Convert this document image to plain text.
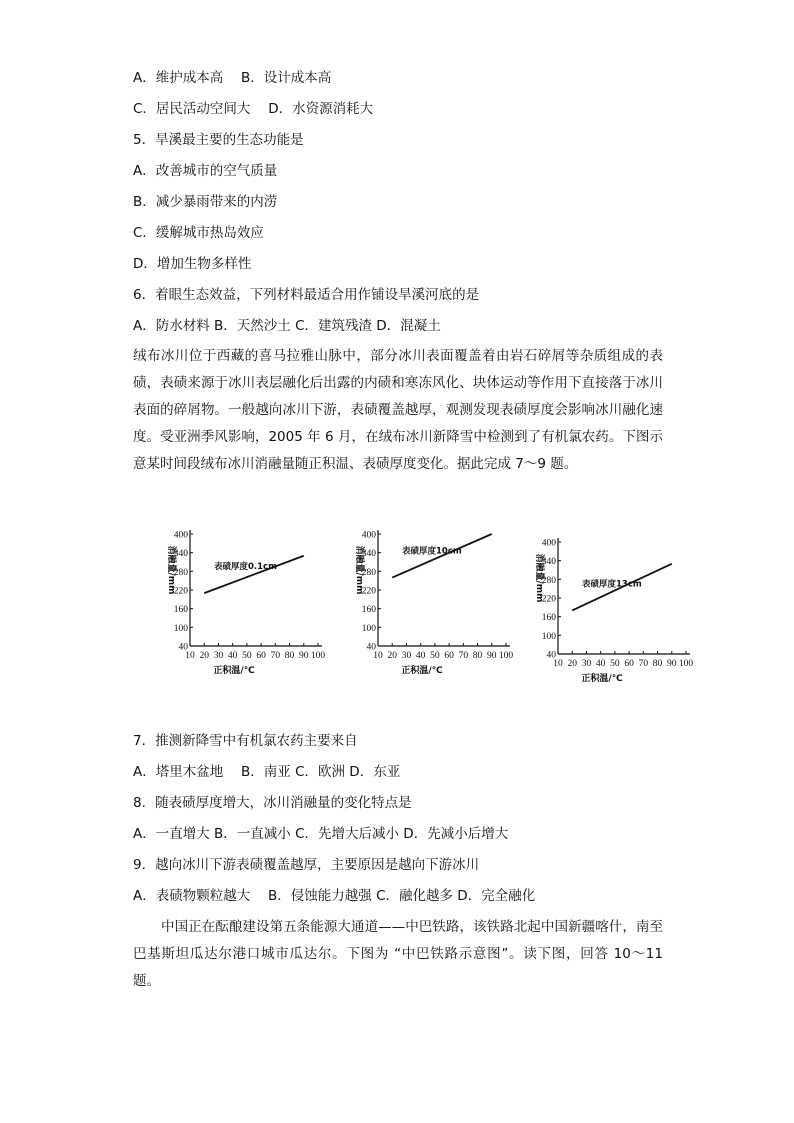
A．维护成本高　 B．设计成本高
C．居民活动空间大　 D．水资源消耗大
5．旱溪最主要的生态功能是
A．改善城市的空气质量
B．减少暴雨带来的内涝
C．缓解城市热岛效应
D．增加生物多样性
6．着眼生态效益，下列材料最适合用作铺设旱溪河底的是
A．防水材料 B．天然沙土 C．建筑残渣 D．混凝土
绒布冰川位于西藏的喜马拉雅山脉中，部分冰川表面覆盖着由岩石碎屑等杂质组成的表碛，表碛来源于冰川表层融化后出露的内碛和寒冻风化、块体运动等作用下直接落于冰川表面的碎屑物。一般越向冰川下游，表碛覆盖越厚，观测发现表碛厚度会影响冰川融化速度。受亚洲季风影响，2005 年 6 月，在绒布冰川新降雪中检测到了有机氯农药。下图示意某时间段绒布冰川消融量随正积温、表碛厚度变化。据此完成 7～9 题。
40
100
160
220
280
340
400
10 20 30 40 50 60 70 80 90 100
表碛厚度0.1cm
正积温/℃
消融量/mm
40
100
160
220
280
340
400
10 20 30 40 50 60 70 80 90 100
表碛厚度10cm
正积温/℃
消融量/mm
40
100
160
220
280
340
400
10 20 30 40 50 60 70 80 90 100
表碛厚度13cm
正积温/℃
消融量/mm
7．推测新降雪中有机氯农药主要来自
A．塔里木盆地　 B．南亚 C．欧洲 D．东亚
8．随表碛厚度增大，冰川消融量的变化特点是
A．一直增大 B．一直减小 C．先增大后减小 D．先减小后增大
9．越向冰川下游表碛覆盖越厚，主要原因是越向下游冰川
A．表碛物颗粒越大　 B．侵蚀能力越强 C．融化越多 D．完全融化
中国正在酝酿建设第五条能源大通道——中巴铁路，该铁路北起中国新疆喀什，南至巴基斯坦瓜达尔港口城市瓜达尔。下图为 “中巴铁路示意图”。读下图，回答 10～11 题。
